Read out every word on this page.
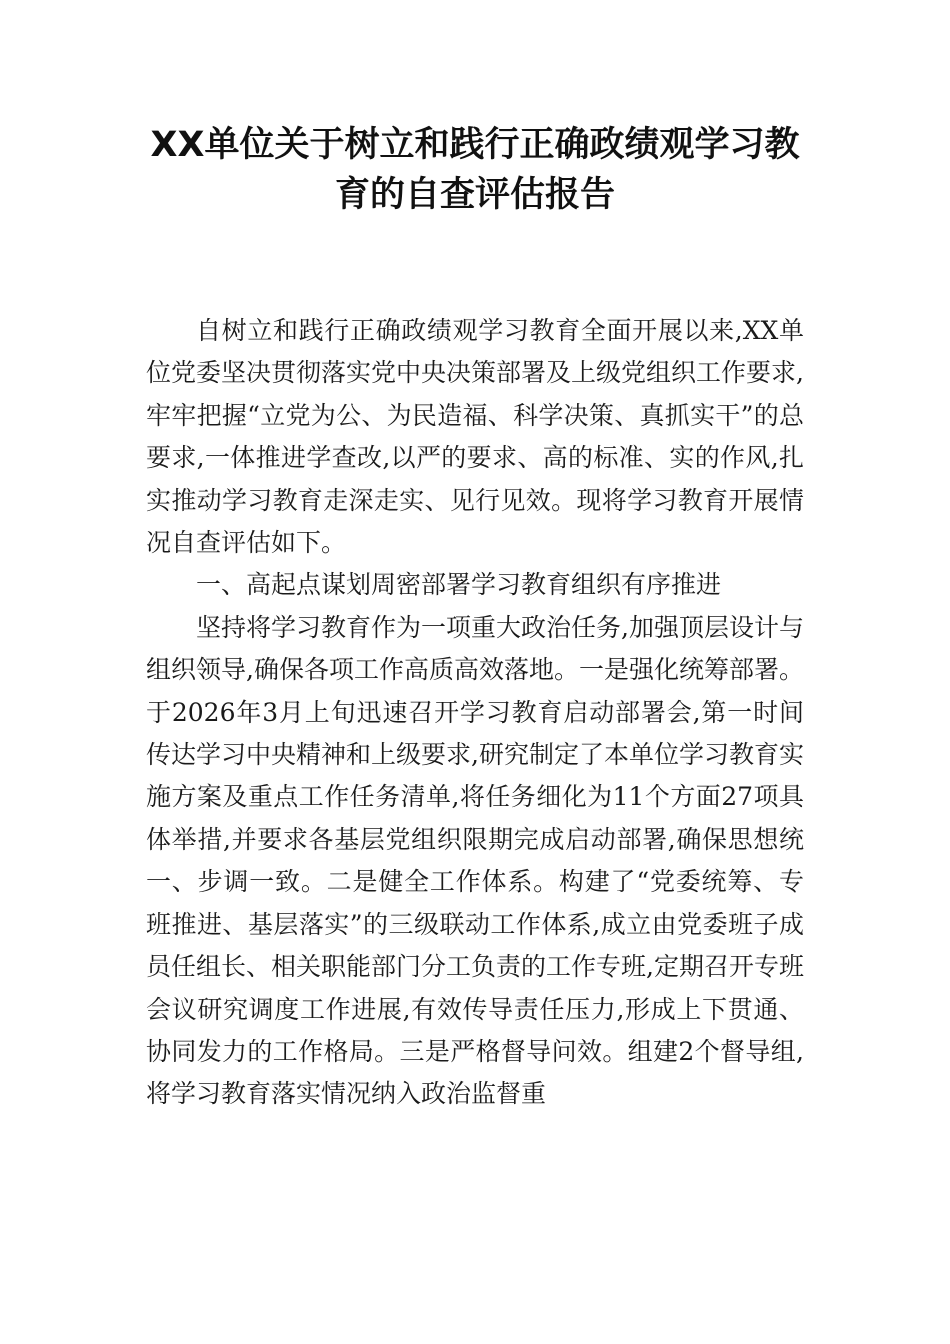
XX单位关于树立和践行正确政绩观学习教育的自查评估报告

自树立和践行正确政绩观学习教育全面开展以来,XX单位党委坚决贯彻落实党中央决策部署及上级党组织工作要求,牢牢把握“立党为公、为民造福、科学决策、真抓实干”的总要求,一体推进学查改,以严的要求、高的标准、实的作风,扎实推动学习教育走深走实、见行见效。现将学习教育开展情况自查评估如下。

一、高起点谋划周密部署学习教育组织有序推进

坚持将学习教育作为一项重大政治任务,加强顶层设计与组织领导,确保各项工作高质高效落地。一是强化统筹部署。于2026年3月上旬迅速召开学习教育启动部署会,第一时间传达学习中央精神和上级要求,研究制定了本单位学习教育实施方案及重点工作任务清单,将任务细化为11个方面27项具体举措,并要求各基层党组织限期完成启动部署,确保思想统一、步调一致。二是健全工作体系。构建了“党委统筹、专班推进、基层落实”的三级联动工作体系,成立由党委班子成员任组长、相关职能部门分工负责的工作专班,定期召开专班会议研究调度工作进展,有效传导责任压力,形成上下贯通、协同发力的工作格局。三是严格督导问效。组建2个督导组,将学习教育落实情况纳入政治监督重
